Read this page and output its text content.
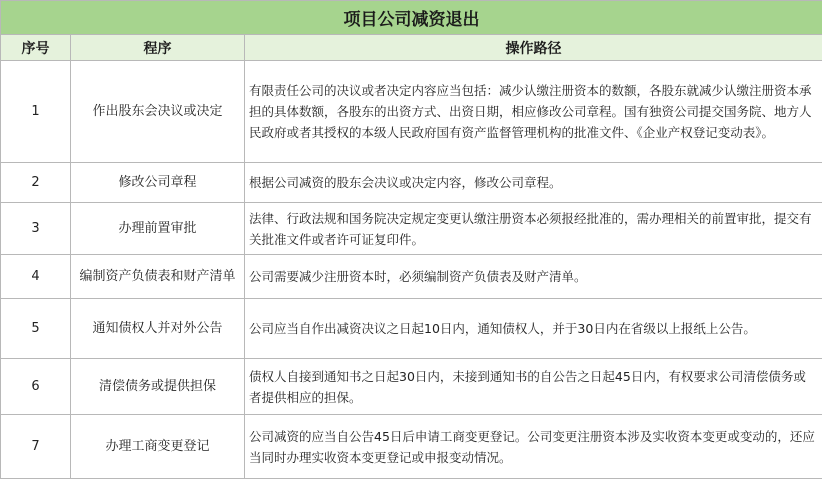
项目公司减资退出		
序号	程序	操作路径
1	作出股东会决议或决定	有限责任公司的决议或者决定内容应当包括：减少认缴注册资本的数额，各股东就减少认缴注册资本承担的具体数额，各股东的出资方式、出资日期，相应修改公司章程。国有独资公司提交国务院、地方人民政府或者其授权的本级人民政府国有资产监督管理机构的批准文件、《企业产权登记变动表》。
2	修改公司章程	根据公司减资的股东会决议或决定内容，修改公司章程。
3	办理前置审批	法律、行政法规和国务院决定规定变更认缴注册资本必须报经批准的，需办理相关的前置审批，提交有关批准文件或者许可证复印件。
4	编制资产负债表和财产清单	公司需要减少注册资本时，必须编制资产负债表及财产清单。
5	通知债权人并对外公告	公司应当自作出减资决议之日起10日内，通知债权人，并于30日内在省级以上报纸上公告。
6	清偿债务或提供担保	债权人自接到通知书之日起30日内，未接到通知书的自公告之日起45日内，有权要求公司清偿债务或者提供相应的担保。
7	办理工商变更登记	公司减资的应当自公告45日后申请工商变更登记。公司变更注册资本涉及实收资本变更或变动的，还应当同时办理实收资本变更登记或申报变动情况。
